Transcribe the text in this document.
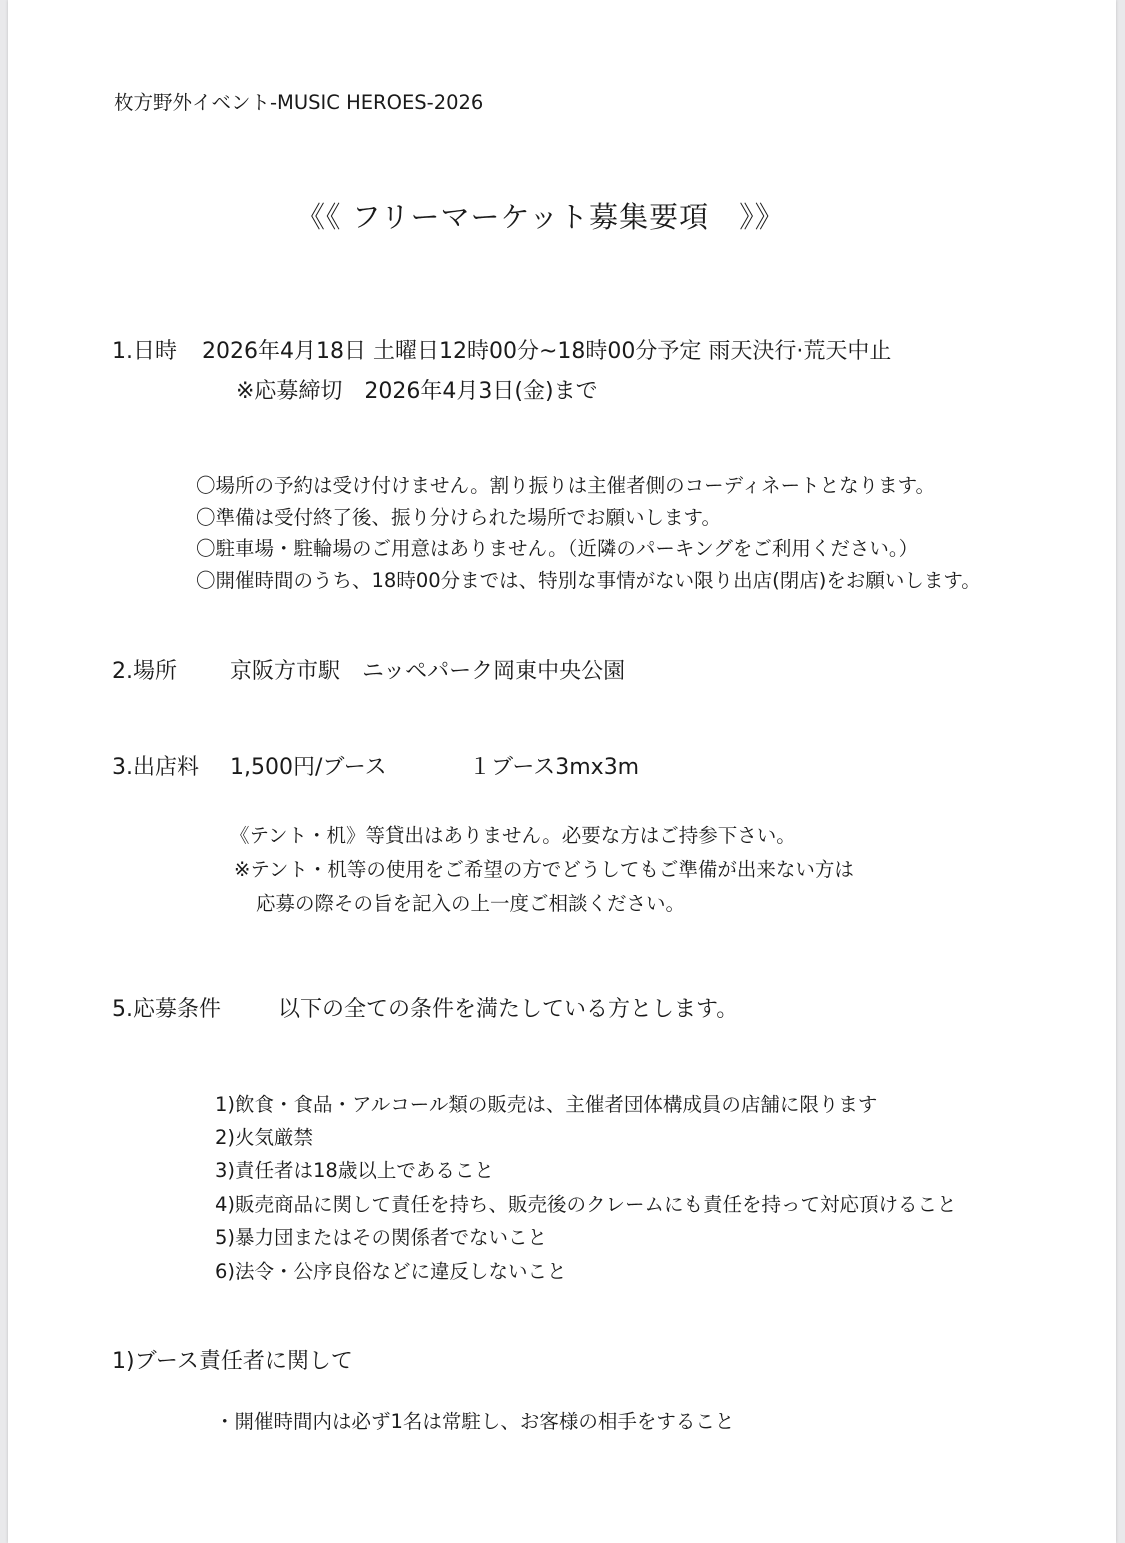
枚方野外イベント-MUSIC HEROES-2026
《《 フリーマーケット募集要項　》》
1.日時 2026年4月18日 土曜日12時00分~18時00分予定 雨天決行·荒天中止
※応募締切　2026年4月3日(金)まで
〇場所の予約は受け付けません。割り振りは主催者側のコーディネートとなります。
〇準備は受付終了後、振り分けられた場所でお願いします。
〇駐車場・駐輪場のご用意はありません。（近隣のパーキングをご利用ください。）
〇開催時間のうち、18時00分までは、特別な事情がない限り出店(閉店)をお願いします。
2.場所 京阪方市駅　ニッペパーク岡東中央公園
3.出店料 1,500円/ブース	１ブース3mx3m
《テント・机》等貸出はありません。必要な方はご持参下さい。
※テント・机等の使用をご希望の方でどうしてもご準備が出来ない方は
応募の際その旨を記入の上一度ご相談ください。
5.応募条件	以下の全ての条件を満たしている方とします。
1)飲食・食品・アルコール類の販売は、主催者団体構成員の店舗に限ります
2)火気厳禁
3)責任者は18歳以上であること
4)販売商品に関して責任を持ち、販売後のクレームにも責任を持って対応頂けること
5)暴力団またはその関係者でないこと
6)法令・公序良俗などに違反しないこと
1)ブース責任者に関して
・開催時間内は必ず1名は常駐し、お客様の相手をすること
